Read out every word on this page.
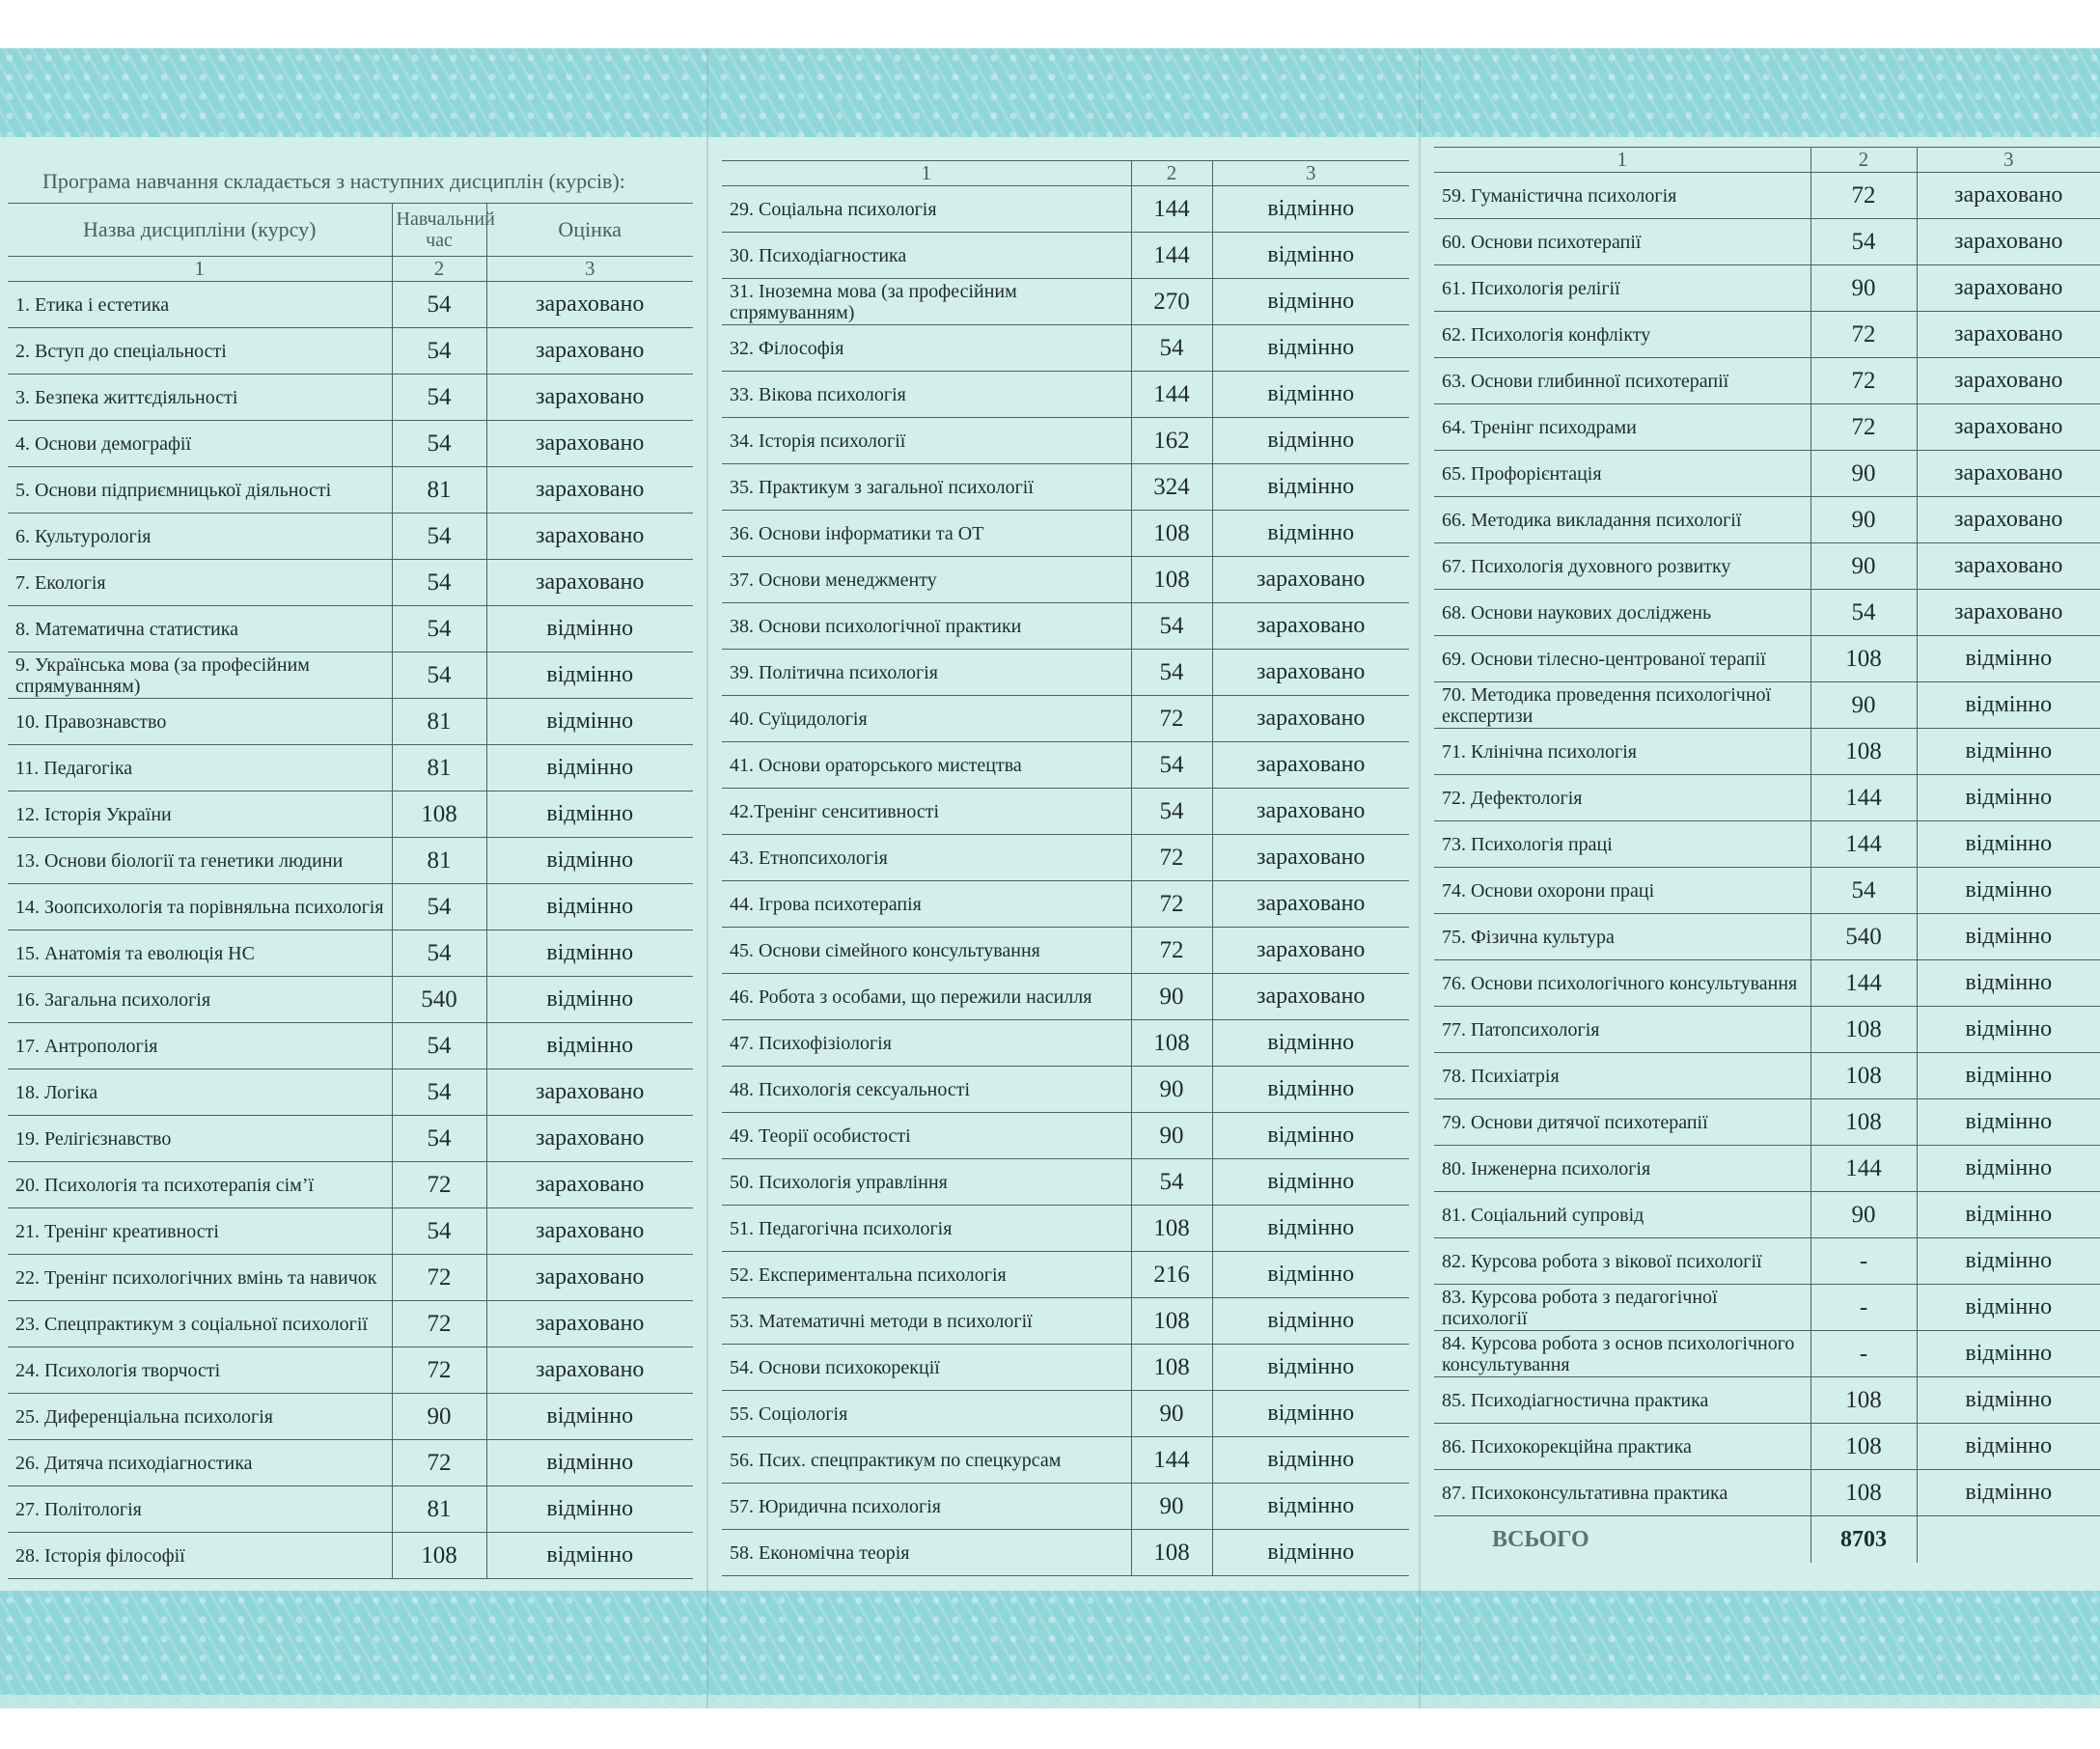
Програма навчання складається з наступних дисциплін (курсів):		
Назва дисципліни (курсу)	Навчальний час	Оцінка
1	2	3
1. Етика і естетика	54	зараховано
2. Вступ до спеціальності	54	зараховано
3. Безпека життєдіяльності	54	зараховано
4. Основи демографії	54	зараховано
5. Основи підприємницької діяльності	81	зараховано
6. Культурологія	54	зараховано
7. Екологія	54	зараховано
8. Математична статистика	54	відмінно
9. Українська мова (за професійним спрямуванням)	54	відмінно
10. Правознавство	81	відмінно
11. Педагогіка	81	відмінно
12. Історія України	108	відмінно
13. Основи біології та генетики людини	81	відмінно
14. Зоопсихологія та порівняльна психологія	54	відмінно
15. Анатомія та еволюція НС	54	відмінно
16. Загальна психологія	540	відмінно
17. Антропологія	54	відмінно
18. Логіка	54	зараховано
19. Релігієзнавство	54	зараховано
20. Психологія та психотерапія сім’ї	72	зараховано
21. Тренінг креативності	54	зараховано
22. Тренінг психологічних вмінь та навичок	72	зараховано
23. Спецпрактикум з соціальної психології	72	зараховано
24. Психологія творчості	72	зараховано
25. Диференціальна психологія	90	відмінно
26. Дитяча психодіагностика	72	відмінно
27. Політологія	81	відмінно
28. Історія філософії	108	відмінно
1	2	3
29. Соціальна психологія	144	відмінно
30. Психодіагностика	144	відмінно
31. Іноземна мова (за професійним спрямуванням)	270	відмінно
32. Філософія	54	відмінно
33. Вікова психологія	144	відмінно
34. Історія психології	162	відмінно
35. Практикум з загальної психології	324	відмінно
36. Основи інформатики та ОТ	108	відмінно
37. Основи менеджменту	108	зараховано
38. Основи психологічної практики	54	зараховано
39. Політична психологія	54	зараховано
40. Суїцидологія	72	зараховано
41. Основи ораторського мистецтва	54	зараховано
42.Тренінг сенситивності	54	зараховано
43. Етнопсихологія	72	зараховано
44. Ігрова психотерапія	72	зараховано
45. Основи сімейного консультування	72	зараховано
46. Робота з особами, що пережили насилля	90	зараховано
47. Психофізіологія	108	відмінно
48. Психологія сексуальності	90	відмінно
49. Теорії особистості	90	відмінно
50. Психологія управління	54	відмінно
51. Педагогічна психологія	108	відмінно
52. Експериментальна психологія	216	відмінно
53. Математичні методи в психології	108	відмінно
54. Основи психокорекції	108	відмінно
55. Соціологія	90	відмінно
56. Псих. спецпрактикум по спецкурсам	144	відмінно
57. Юридична психологія	90	відмінно
58. Економічна теорія	108	відмінно
1	2	3
59. Гуманістична психологія	72	зараховано
60. Основи психотерапії	54	зараховано
61. Психологія релігії	90	зараховано
62. Психологія конфлікту	72	зараховано
63. Основи глибинної психотерапії	72	зараховано
64. Тренінг психодрами	72	зараховано
65. Профорієнтація	90	зараховано
66. Методика викладання психології	90	зараховано
67. Психологія духовного розвитку	90	зараховано
68. Основи наукових досліджень	54	зараховано
69. Основи тілесно-центрованої терапії	108	відмінно
70. Методика проведення психологічної експертизи	90	відмінно
71. Клінічна психологія	108	відмінно
72. Дефектологія	144	відмінно
73. Психологія праці	144	відмінно
74. Основи охорони праці	54	відмінно
75. Фізична культура	540	відмінно
76. Основи психологічного консультування	144	відмінно
77. Патопсихологія	108	відмінно
78. Психіатрія	108	відмінно
79. Основи дитячої психотерапії	108	відмінно
80. Інженерна психологія	144	відмінно
81. Соціальний супровід	90	відмінно
82. Курсова робота з вікової психології	-	відмінно
83. Курсова робота з педагогічної психології	-	відмінно
84. Курсова робота з основ психологічного консультування	-	відмінно
85. Психодіагностична практика	108	відмінно
86. Психокорекційна практика	108	відмінно
87. Психоконсультативна практика	108	відмінно
ВСЬОГО	8703	
